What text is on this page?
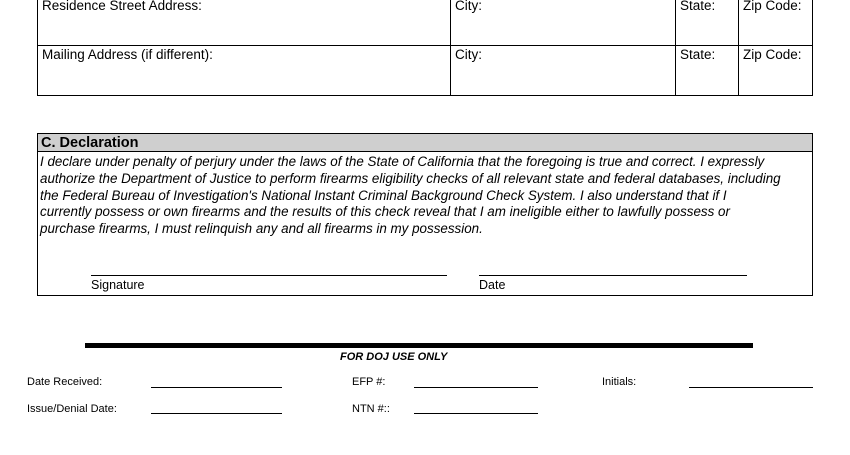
Residence Street Address:	City:	State: Zip Code:
Mailing Address (if different):	City:	State: Zip Code:
C. Declaration
I declare under penalty of perjury under the laws of the State of California that the foregoing is true and correct. I expressly
authorize the Department of Justice to perform firearms eligibility checks of all relevant state and federal databases, including
the Federal Bureau of Investigation's National Instant Criminal Background Check System. I also understand that if I
currently possess or own firearms and the results of this check reveal that I am ineligible either to lawfully possess or
purchase firearms, I must relinquish any and all firearms in my possession.
Signature	Date
FOR DOJ USE ONLY
Date Received:	EFP #:	Initials:
Issue/Denial Date:	NTN #::
